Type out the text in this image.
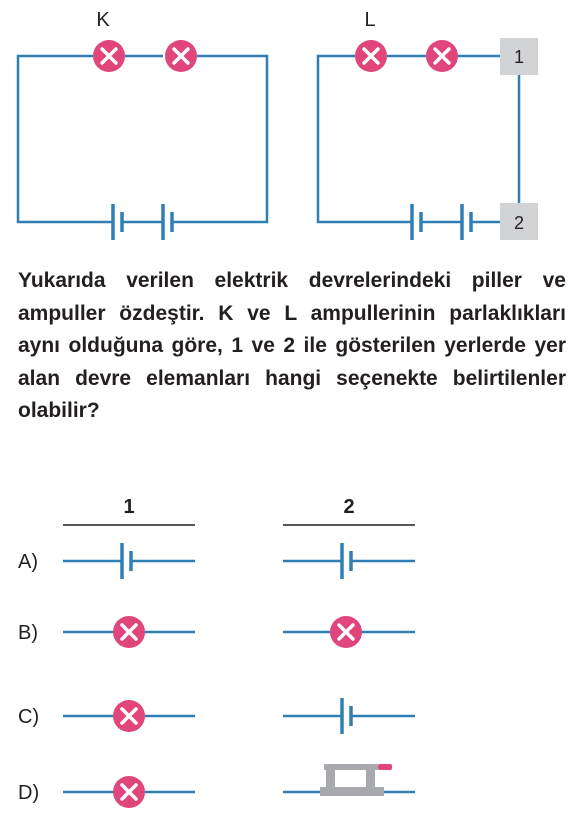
K	L
1
2

Yukarıda verilen elektrik devrelerindeki piller ve ampuller özdeştir. K ve L ampullerinin parlaklıkları aynı olduğuna göre, 1 ve 2 ile gösterilen yerlerde yer alan devre elemanları hangi seçenekte belirtilenler olabilir?

1	2
A)
B)
C)
D)
